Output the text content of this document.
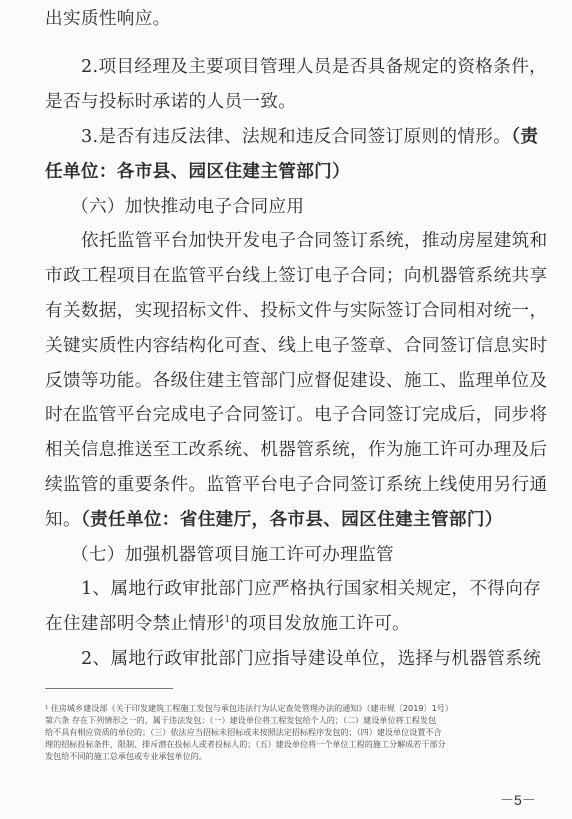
出实质性响应。
2.项目经理及主要项目管理人员是否具备规定的资格条件，
是否与投标时承诺的人员一致。
3.是否有违反法律、法规和违反合同签订原则的情形。（责
任单位：各市县、园区住建主管部门）
（六）加快推动电子合同应用
依托监管平台加快开发电子合同签订系统，推动房屋建筑和
市政工程项目在监管平台线上签订电子合同；向机器管系统共享
有关数据，实现招标文件、投标文件与实际签订合同相对统一，
关键实质性内容结构化可查、线上电子签章、合同签订信息实时
反馈等功能。各级住建主管部门应督促建设、施工、监理单位及
时在监管平台完成电子合同签订。电子合同签订完成后，同步将
相关信息推送至工改系统、机器管系统，作为施工许可办理及后
续监管的重要条件。监管平台电子合同签订系统上线使用另行通
知。（责任单位：省住建厅，各市县、园区住建主管部门）
（七）加强机器管项目施工许可办理监管
1、属地行政审批部门应严格执行国家相关规定，不得向存
在住建部明令禁止情形$^1$的项目发放施工许可。
2、属地行政审批部门应指导建设单位，选择与机器管系统
¹ 住房城乡建设部《关于印发建筑工程施工发包与承包违法行为认定查处管理办法的通知》（建市规〔2019〕1号）
第六条 存在下列情形之一的，属于违法发包：（一）建设单位将工程发包给个人的；（二）建设单位将工程发包
给不具有相应资质的单位的；（三）依法应当招标未招标或未按照法定招标程序发包的；（四）建设单位设置不合
理的招标投标条件，限制、排斥潜在投标人或者投标人的；（五）建设单位将一个单位工程的施工分解成若干部分
发包给不同的施工总承包或专业承包单位的。
－5－
